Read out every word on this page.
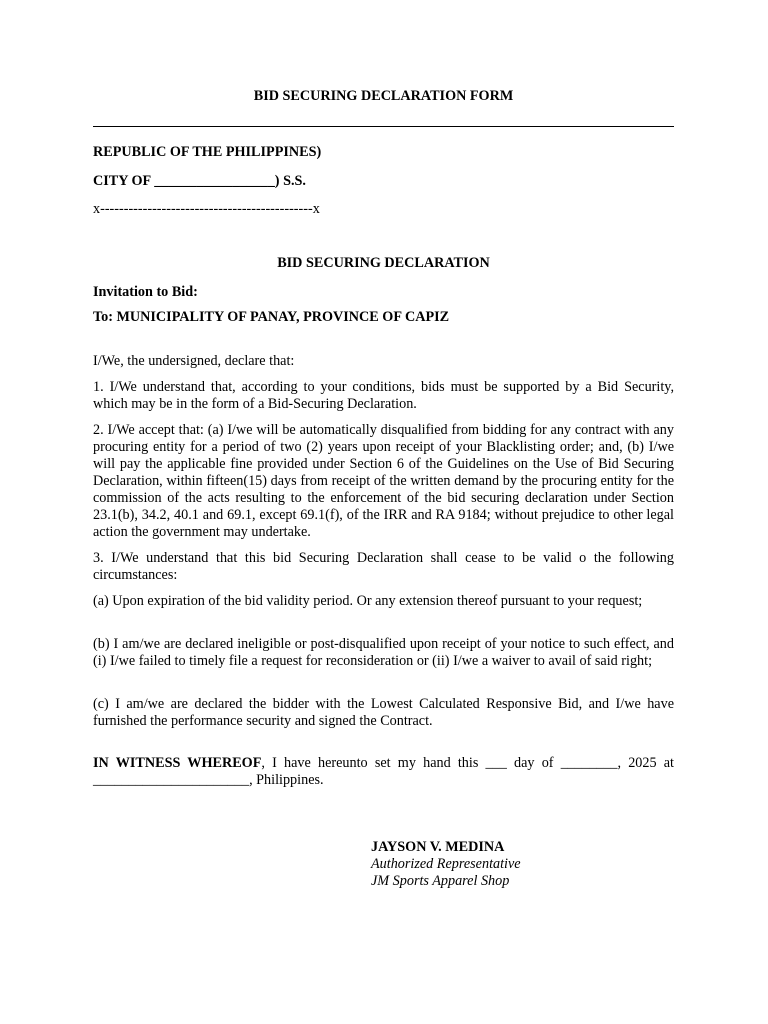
BID SECURING DECLARATION FORM

REPUBLIC OF THE PHILIPPINES)

CITY OF _________________) S.S.

x---------------------------------------------x

BID SECURING DECLARATION

Invitation to Bid:

To: MUNICIPALITY OF PANAY, PROVINCE OF CAPIZ

I/We, the undersigned, declare that:

1. I/We understand that, according to your conditions, bids must be supported by a Bid Security, which may be in the form of a Bid-Securing Declaration.

2. I/We accept that: (a) I/we will be automatically disqualified from bidding for any contract with any procuring entity for a period of two (2) years upon receipt of your Blacklisting order; and, (b) I/we will pay the applicable fine provided under Section 6 of the Guidelines on the Use of Bid Securing Declaration, within fifteen(15) days from receipt of the written demand by the procuring entity for the commission of the acts resulting to the enforcement of the bid securing declaration under Section 23.1(b), 34.2, 40.1 and 69.1, except 69.1(f), of the IRR and RA 9184; without prejudice to other legal action the government may undertake.

3. I/We understand that this bid Securing Declaration shall cease to be valid o the following circumstances:

(a) Upon expiration of the bid validity period. Or any extension thereof pursuant to your request;

(b) I am/we are declared ineligible or post-disqualified upon receipt of your notice to such effect, and (i) I/we failed to timely file a request for reconsideration or (ii) I/we a waiver to avail of said right;

(c) I am/we are declared the bidder with the Lowest Calculated Responsive Bid, and I/we have furnished the performance security and signed the Contract.

IN WITNESS WHEREOF, I have hereunto set my hand this ___ day of ________, 2025 at ______________________, Philippines.

JAYSON V. MEDINA

Authorized Representative

JM Sports Apparel Shop
